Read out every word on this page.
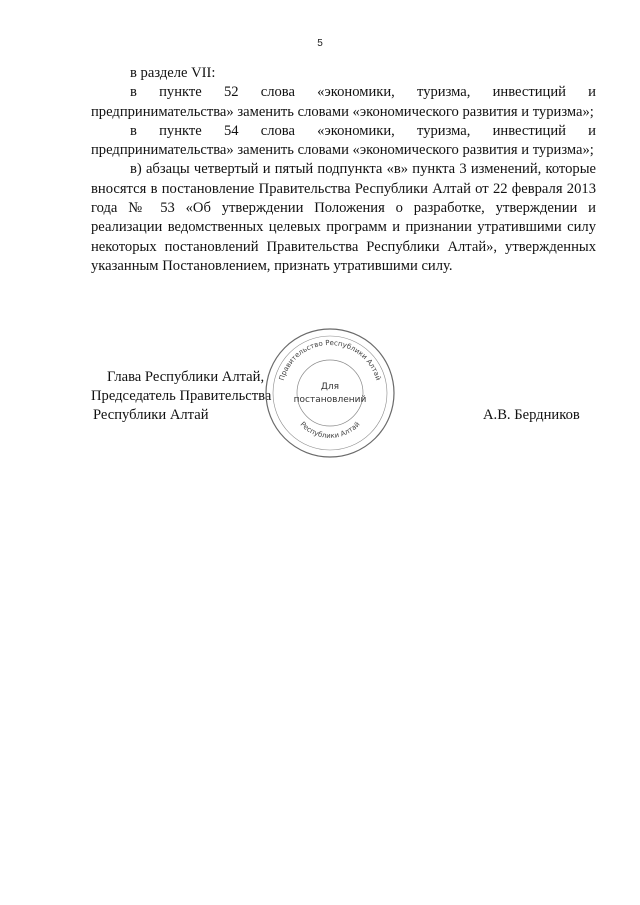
5

в разделе VII:

в пункте 52 слова «экономики, туризма, инвестиций и предпринимательства» заменить словами «экономического развития и туризма»;

в пункте 54 слова «экономики, туризма, инвестиций и предпринимательства» заменить словами «экономического развития и туризма»;

в) абзацы четвертый и пятый подпункта «в» пункта 3 изменений, которые вносятся в постановление Правительства Республики Алтай от 22 февраля 2013 года № 53 «Об утверждении Положения о разработке, утверждении и реализации ведомственных целевых программ и признании утратившими силу некоторых постановлений Правительства Республики Алтай», утвержденных указанным Постановлением, признать утратившими силу.

Глава Республики Алтай,
Председатель Правительства
Республики Алтай	А.В. Бердников
Правительство Республики Алтай
Республики Алтай
Для
постановлений
